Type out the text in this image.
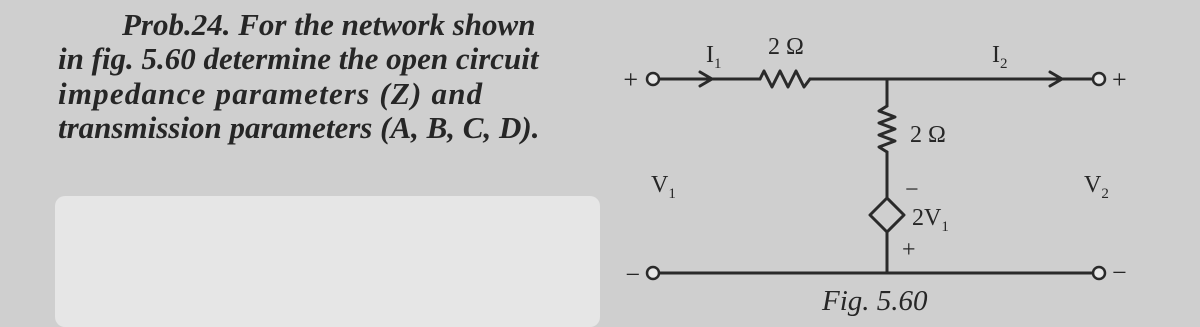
Prob.24. For the network shown
in fig. 5.60 determine the open circuit
impedance parameters (Z) and
transmission parameters (A, B, C, D).
+
−
+
−
$I_1$	$I_2$
2 Ω
2 Ω
−
$2V_1$
+
$V_1$	$V_2$
Fig. 5.60
